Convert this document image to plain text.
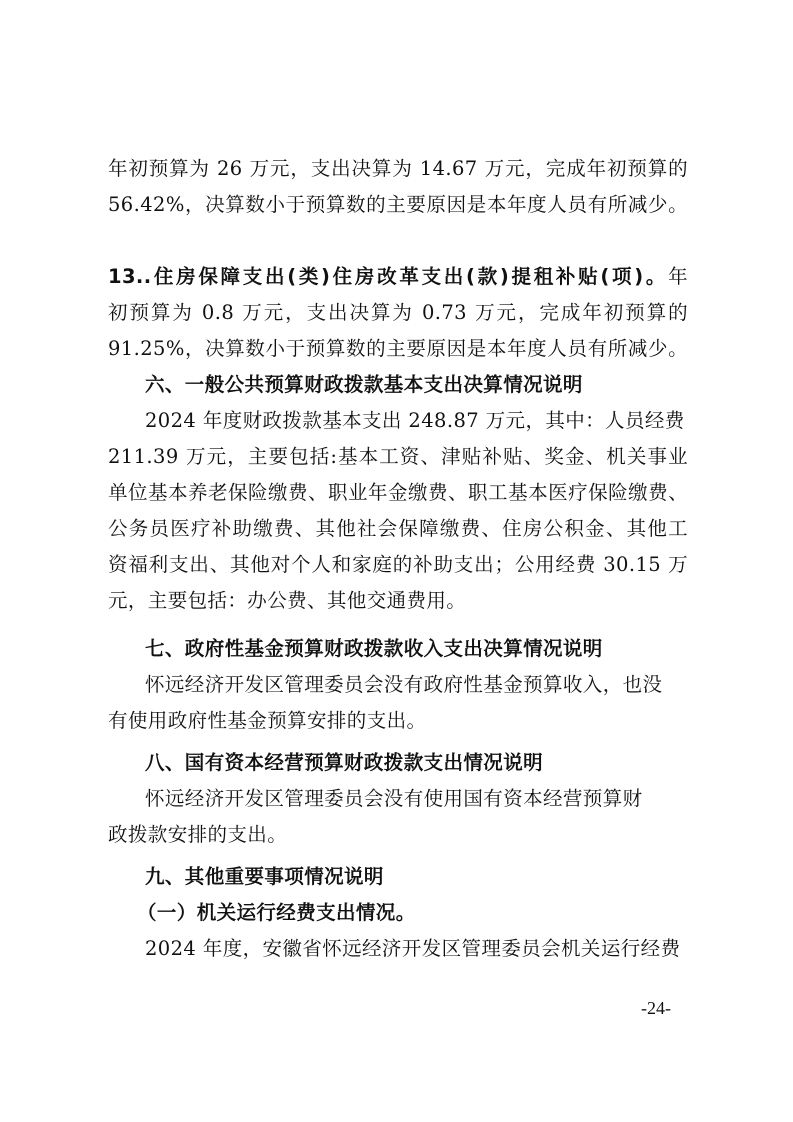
年初预算为 26 万元，支出决算为 14.67 万元，完成年初预算的
56.42%，决算数小于预算数的主要原因是本年度人员有所减少。
13..住房保障支出(类)住房改革支出(款)提租补贴(项)。年
初预算为 0.8 万元，支出决算为 0.73 万元，完成年初预算的
91.25%，决算数小于预算数的主要原因是本年度人员有所减少。
六、一般公共预算财政拨款基本支出决算情况说明
2024 年度财政拨款基本支出 248.87 万元，其中：人员经费
211.39 万元，主要包括:基本工资、津贴补贴、奖金、机关事业
单位基本养老保险缴费、职业年金缴费、职工基本医疗保险缴费、
公务员医疗补助缴费、其他社会保障缴费、住房公积金、其他工
资福利支出、其他对个人和家庭的补助支出；公用经费 30.15 万
元，主要包括：办公费、其他交通费用。
七、政府性基金预算财政拨款收入支出决算情况说明
怀远经济开发区管理委员会没有政府性基金预算收入，也没
有使用政府性基金预算安排的支出。
八、国有资本经营预算财政拨款支出情况说明
怀远经济开发区管理委员会没有使用国有资本经营预算财
政拨款安排的支出。
九、其他重要事项情况说明
（一）机关运行经费支出情况。
2024 年度，安徽省怀远经济开发区管理委员会机关运行经费
-24-
